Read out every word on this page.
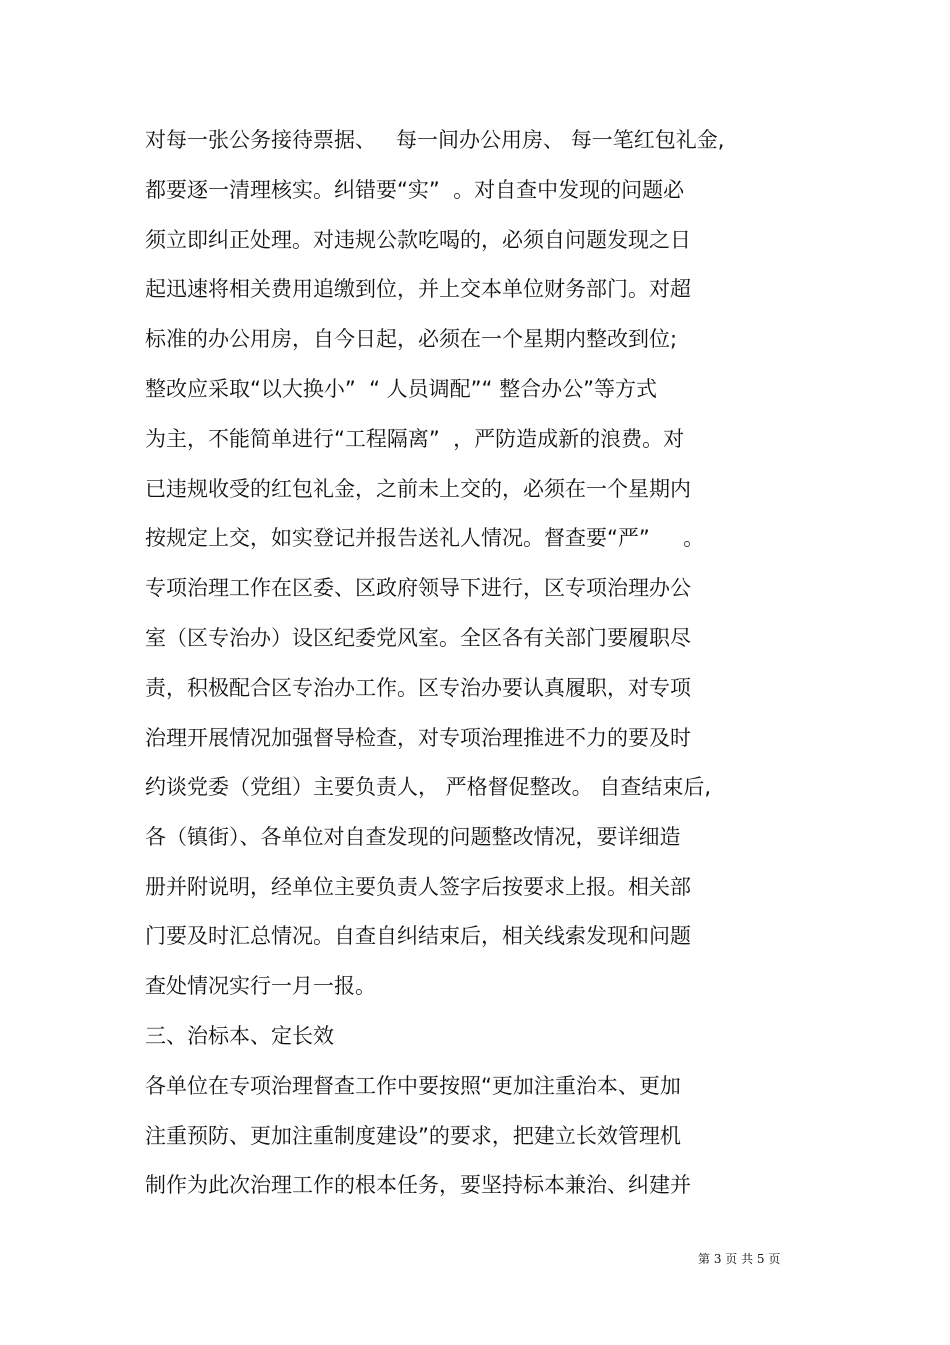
对每一张公务接待票据、   每一间办公用房、 每一笔红包礼金,
都要逐一清理核实。纠错要“实”  。对自查中发现的问题必
须立即纠正处理。对违规公款吃喝的，必须自问题发现之日
起迅速将相关费用追缴到位，并上交本单位财务部门。对超
标准的办公用房，自今日起，必须在一个星期内整改到位;
整改应采取“以大换小”  “ 人员调配”“ 整合办公”等方式
为主，不能简单进行“工程隔离”  ，严防造成新的浪费。对
已违规收受的红包礼金，之前未上交的，必须在一个星期内
按规定上交，如实登记并报告送礼人情况。督查要“严”     。
专项治理工作在区委、区政府领导下进行，区专项治理办公
室（区专治办）设区纪委党风室。全区各有关部门要履职尽
责，积极配合区专治办工作。区专治办要认真履职，对专项
治理开展情况加强督导检查，对专项治理推进不力的要及时
约谈党委（党组）主要负责人， 严格督促整改。 自查结束后,
各（镇街）、各单位对自查发现的问题整改情况，要详细造
册并附说明，经单位主要负责人签字后按要求上报。相关部
门要及时汇总情况。自查自纠结束后，相关线索发现和问题
查处情况实行一月一报。
三、治标本、定长效
各单位在专项治理督查工作中要按照“更加注重治本、更加
注重预防、更加注重制度建设”的要求，把建立长效管理机
制作为此次治理工作的根本任务，要坚持标本兼治、纠建并
第 3 页 共 5 页
